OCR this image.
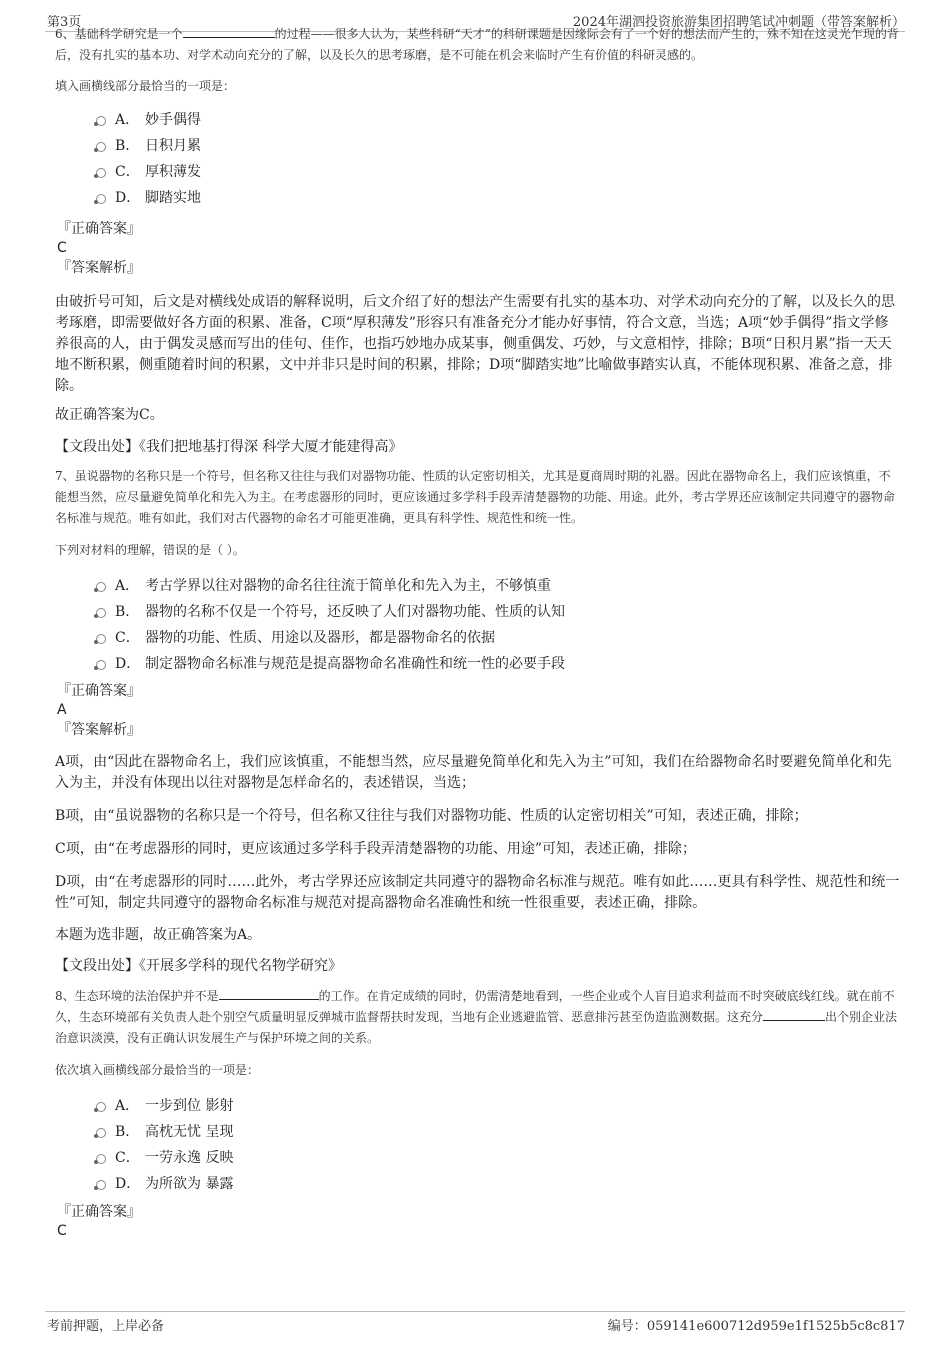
第3页	2024年湖泗投资旅游集团招聘笔试冲刺题（带答案解析）

6、基础科学研究是一个	的过程——很多人认为，某些科研“天才”的科研课题是因缘际会有了一个好的想法而产生的，殊不知在这灵光乍现的背后，没有扎实的基本功、对学术动向充分的了解，以及长久的思考琢磨，是不可能在机会来临时产生有价值的科研灵感的。

填入画横线部分最恰当的一项是：

A． 妙手偶得
B． 日积月累
C． 厚积薄发
D． 脚踏实地

『正确答案』

C

『答案解析』

由破折号可知，后文是对横线处成语的解释说明，后文介绍了好的想法产生需要有扎实的基本功、对学术动向充分的了解，以及长久的思考琢磨，即需要做好各方面的积累、准备，C项“厚积薄发”形容只有准备充分才能办好事情，符合文意，当选；A项“妙手偶得”指文学修养很高的人，由于偶发灵感而写出的佳句、佳作，也指巧妙地办成某事，侧重偶发、巧妙，与文意相悖，排除；B项“日积月累”指一天天地不断积累，侧重随着时间的积累，文中并非只是时间的积累，排除；D项“脚踏实地”比喻做事踏实认真，不能体现积累、准备之意，排除。

故正确答案为C。

【文段出处】《我们把地基打得深 科学大厦才能建得高》

7、虽说器物的名称只是一个符号，但名称又往往与我们对器物功能、性质的认定密切相关，尤其是夏商周时期的礼器。因此在器物命名上，我们应该慎重，不能想当然，应尽量避免简单化和先入为主。在考虑器形的同时，更应该通过多学科手段弄清楚器物的功能、用途。此外，考古学界还应该制定共同遵守的器物命名标准与规范。唯有如此，我们对古代器物的命名才可能更准确，更具有科学性、规范性和统一性。

下列对材料的理解，错误的是（ ）。

A． 考古学界以往对器物的命名往往流于简单化和先入为主，不够慎重
B． 器物的名称不仅是一个符号，还反映了人们对器物功能、性质的认知
C． 器物的功能、性质、用途以及器形，都是器物命名的依据
D． 制定器物命名标准与规范是提高器物命名准确性和统一性的必要手段

『正确答案』

A

『答案解析』

A项，由“因此在器物命名上，我们应该慎重，不能想当然，应尽量避免简单化和先入为主”可知，我们在给器物命名时要避免简单化和先入为主，并没有体现出以往对器物是怎样命名的，表述错误，当选；

B项，由“虽说器物的名称只是一个符号，但名称又往往与我们对器物功能、性质的认定密切相关”可知，表述正确，排除；

C项，由“在考虑器形的同时，更应该通过多学科手段弄清楚器物的功能、用途”可知，表述正确，排除；

D项，由“在考虑器形的同时……此外，考古学界还应该制定共同遵守的器物命名标准与规范。唯有如此……更具有科学性、规范性和统一性”可知，制定共同遵守的器物命名标准与规范对提高器物命名准确性和统一性很重要，表述正确，排除。

本题为选非题，故正确答案为A。

【文段出处】《开展多学科的现代名物学研究》

8、生态环境的法治保护并不是	的工作。在肯定成绩的同时，仍需清楚地看到，一些企业或个人盲目追求利益而不时突破底线红线。就在前不久，生态环境部有关负责人赴个别空气质量明显反弹城市监督帮扶时发现，当地有企业逃避监管、恶意排污甚至伪造监测数据。这充分	出个别企业法治意识淡漠，没有正确认识发展生产与保护环境之间的关系。

依次填入画横线部分最恰当的一项是：

A． 一步到位 影射
B． 高枕无忧 呈现
C． 一劳永逸 反映
D． 为所欲为 暴露

『正确答案』

C

考前押题，上岸必备	编号：059141e600712d959e1f1525b5c8c817
